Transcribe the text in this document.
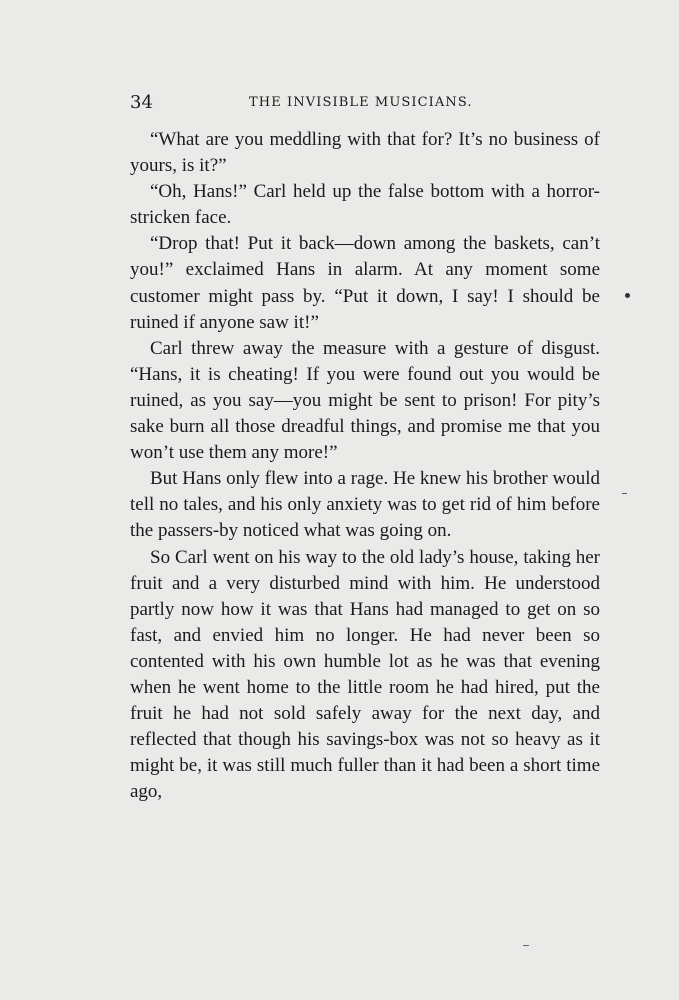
34	THE INVISIBLE MUSICIANS.

“What are you meddling with that for? It’s no business of yours, is it?”

“Oh, Hans!” Carl held up the false bottom with a horror-stricken face.

“Drop that! Put it back—down among the baskets, can’t you!” exclaimed Hans in alarm. At any moment some customer might pass by. “Put it down, I say! I should be ruined if anyone saw it!”

Carl threw away the measure with a gesture of disgust. “Hans, it is cheating! If you were found out you would be ruined, as you say—you might be sent to prison! For pity’s sake burn all those dreadful things, and promise me that you won’t use them any more!”

But Hans only flew into a rage. He knew his brother would tell no tales, and his only anxiety was to get rid of him before the passers-by noticed what was going on.

So Carl went on his way to the old lady’s house, taking her fruit and a very disturbed mind with him. He understood partly now how it was that Hans had managed to get on so fast, and envied him no longer. He had never been so contented with his own humble lot as he was that evening when he went home to the little room he had hired, put the fruit he had not sold safely away for the next day, and reflected that though his savings-box was not so heavy as it might be, it was still much fuller than it had been a short time ago,
